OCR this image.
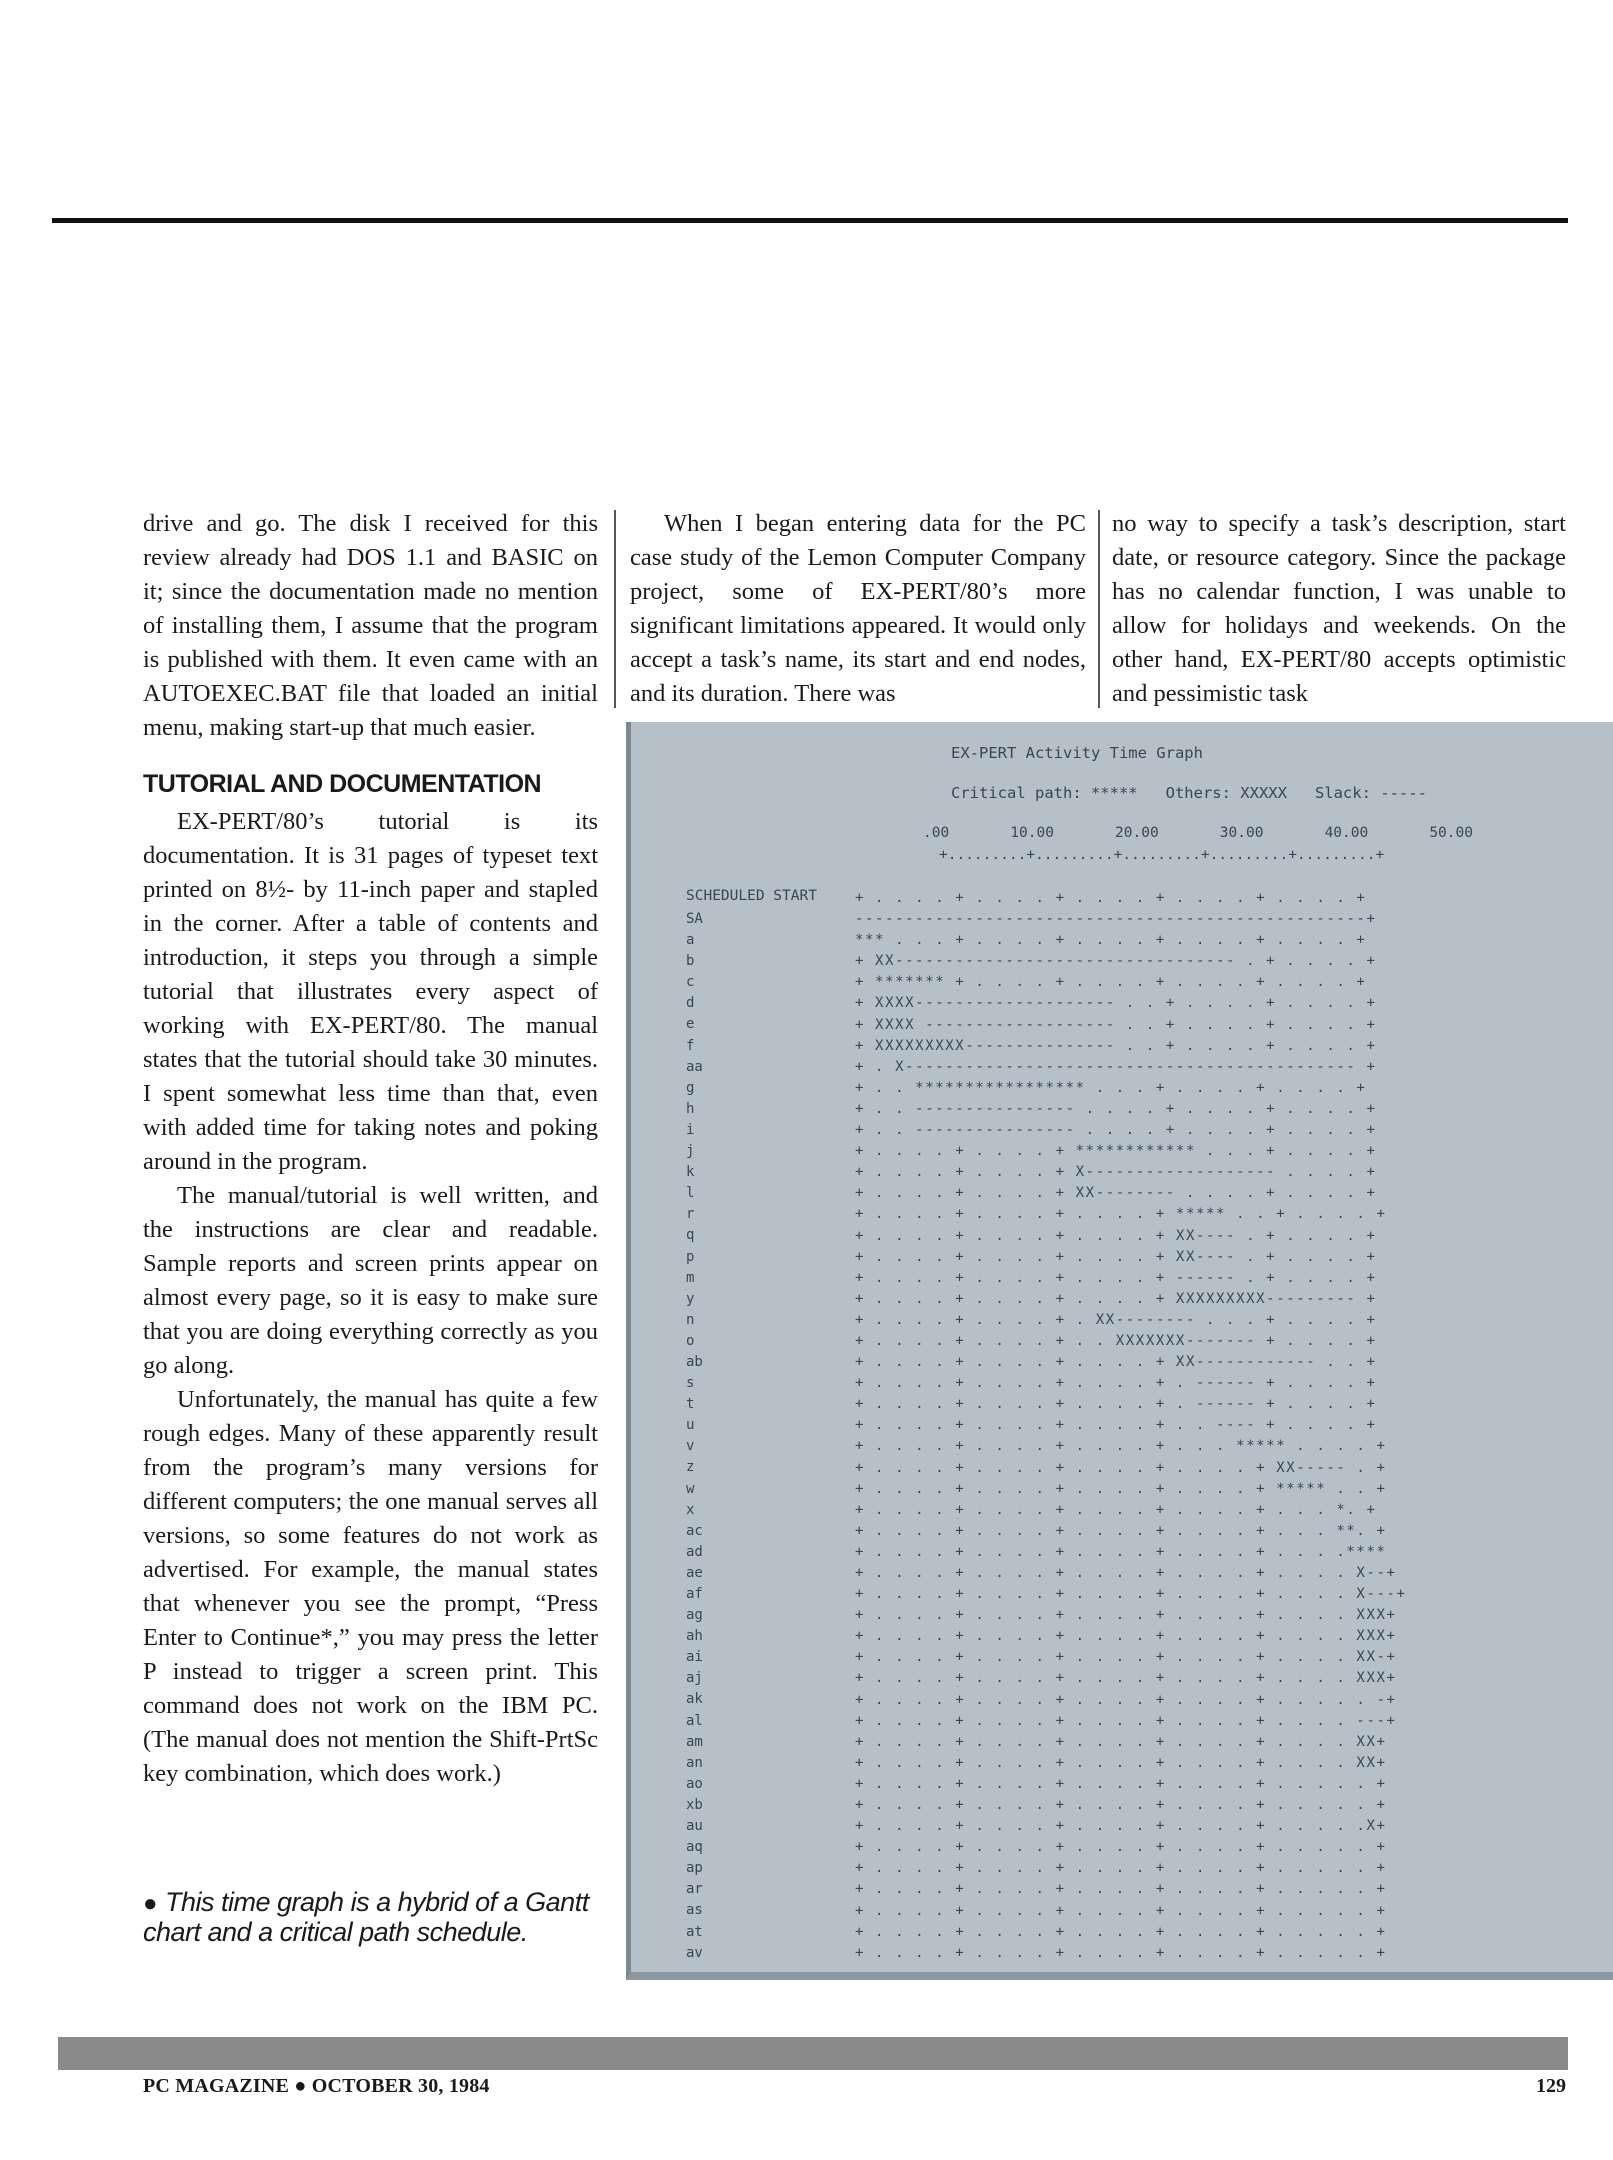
drive and go. The disk I received for this review already had DOS 1.1 and BASIC on it; since the documentation made no mention of installing them, I assume that the program is published with them. It even came with an AUTOEXEC.BAT file that loaded an initial menu, making start-up that much easier.

TUTORIAL AND DOCUMENTATION

EX-PERT/80’s tutorial is its documentation. It is 31 pages of typeset text printed on 8½- by 11-inch paper and stapled in the corner. After a table of contents and introduction, it steps you through a simple tutorial that illustrates every aspect of working with EX-PERT/80. The manual states that the tutorial should take 30 minutes. I spent somewhat less time than that, even with added time for taking notes and poking around in the program.

The manual/tutorial is well written, and the instructions are clear and readable. Sample reports and screen prints appear on almost every page, so it is easy to make sure that you are doing everything correctly as you go along.

Unfortunately, the manual has quite a few rough edges. Many of these apparently result from the program’s many versions for different computers; the one manual serves all versions, so some features do not work as advertised. For example, the manual states that whenever you see the prompt, “Press Enter to Continue*,” you may press the letter P instead to trigger a screen print. This command does not work on the IBM PC. (The manual does not mention the Shift-PrtSc key combination, which does work.)

When I began entering data for the PC case study of the Lemon Computer Company project, some of EX-PERT/80’s more significant limitations appeared. It would only accept a task’s name, its start and end nodes, and its duration. There was

no way to specify a task’s description, start date, or resource category. Since the package has no calendar function, I was unable to allow for holidays and weekends. On the other hand, EX-PERT/80 accepts optimistic and pessimistic task

● This time graph is a hybrid of a Gantt chart and a critical path schedule.
EX-PERT Activity Time Graph
Critical path: *****   Others: XXXXX   Slack: -----
.00       10.00       20.00       30.00       40.00       50.00
+.........+.........+.........+.........+.........+
SCHEDULED START
SA
a
b
c
d
e
f
aa
g
h
i
j
k
l
r
q
p
m
y
n
o
ab
s
t
u
v
z
w
x
ac
ad
ae
af
ag
ah
ai
aj
ak
al
am
an
ao
xb
au
aq
ap
ar
as
at
av
+ . . . . + . . . . + . . . . + . . . . + . . . . +
---------------------------------------------------+
*** . . . + . . . . + . . . . + . . . . + . . . . +
+ XX---------------------------------- . + . . . . +
+ ******* + . . . . + . . . . + . . . . + . . . . +
+ XXXX-------------------- . . + . . . . + . . . . +
+ XXXX ------------------- . . + . . . . + . . . . +
+ XXXXXXXXX--------------- . . + . . . . + . . . . +
+ . X--------------------------------------------- +
+ . . ***************** . . . + . . . . + . . . . +
+ . . ---------------- . . . . + . . . . + . . . . +
+ . . ---------------- . . . . + . . . . + . . . . +
+ . . . . + . . . . + ************ . . . + . . . . +
+ . . . . + . . . . + X------------------- . . . . +
+ . . . . + . . . . + XX-------- . . . . + . . . . +
+ . . . . + . . . . + . . . . + ***** . . + . . . . +
+ . . . . + . . . . + . . . . + XX---- . + . . . . +
+ . . . . + . . . . + . . . . + XX---- . + . . . . +
+ . . . . + . . . . + . . . . + ------ . + . . . . +
+ . . . . + . . . . + . . . . + XXXXXXXXX--------- +
+ . . . . + . . . . + . XX-------- . . . + . . . . +
+ . . . . + . . . . + . . XXXXXXX------- + . . . . +
+ . . . . + . . . . + . . . . + XX------------ . . +
+ . . . . + . . . . + . . . . + . ------ + . . . . +
+ . . . . + . . . . + . . . . + . ------ + . . . . +
+ . . . . + . . . . + . . . . + . . ---- + . . . . +
+ . . . . + . . . . + . . . . + . . . ***** . . . . +
+ . . . . + . . . . + . . . . + . . . . + XX----- . +
+ . . . . + . . . . + . . . . + . . . . + ***** . . +
+ . . . . + . . . . + . . . . + . . . . + . . . *. +
+ . . . . + . . . . + . . . . + . . . . + . . . **. +
+ . . . . + . . . . + . . . . + . . . . + . . . .****
+ . . . . + . . . . + . . . . + . . . . + . . . . X--+
+ . . . . + . . . . + . . . . + . . . . + . . . . X---+
+ . . . . + . . . . + . . . . + . . . . + . . . . XXX+
+ . . . . + . . . . + . . . . + . . . . + . . . . XXX+
+ . . . . + . . . . + . . . . + . . . . + . . . . XX-+
+ . . . . + . . . . + . . . . + . . . . + . . . . XXX+
+ . . . . + . . . . + . . . . + . . . . + . . . . . -+
+ . . . . + . . . . + . . . . + . . . . + . . . . ---+
+ . . . . + . . . . + . . . . + . . . . + . . . . XX+
+ . . . . + . . . . + . . . . + . . . . + . . . . XX+
+ . . . . + . . . . + . . . . + . . . . + . . . . . +
+ . . . . + . . . . + . . . . + . . . . + . . . . . +
+ . . . . + . . . . + . . . . + . . . . + . . . . .X+
+ . . . . + . . . . + . . . . + . . . . + . . . . . +
+ . . . . + . . . . + . . . . + . . . . + . . . . . +
+ . . . . + . . . . + . . . . + . . . . + . . . . . +
+ . . . . + . . . . + . . . . + . . . . + . . . . . +
+ . . . . + . . . . + . . . . + . . . . + . . . . . +
+ . . . . + . . . . + . . . . + . . . . + . . . . . +
PC MAGAZINE ● OCTOBER 30, 1984	129
